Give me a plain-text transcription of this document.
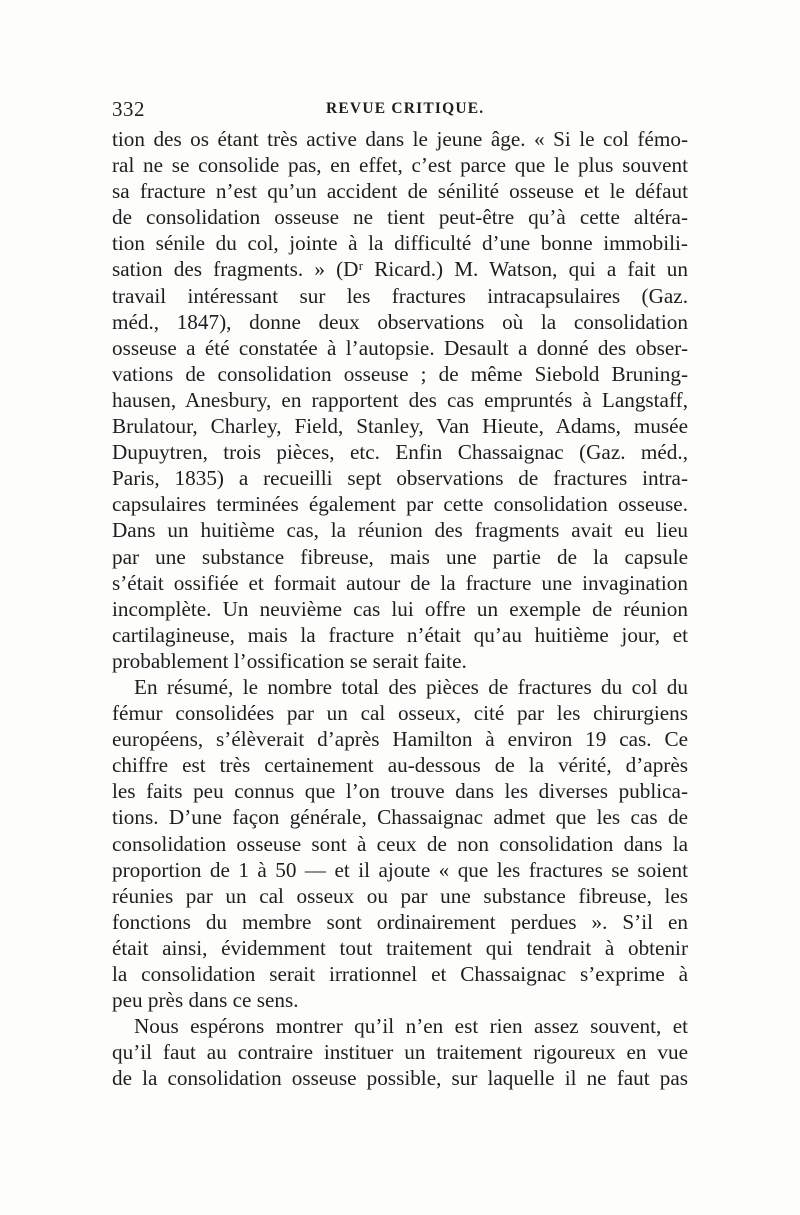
332	REVUE CRITIQUE.
tion des os étant très active dans le jeune âge. « Si le col fémo-
ral ne se consolide pas, en effet, c’est parce que le plus souvent
sa fracture n’est qu’un accident de sénilité osseuse et le défaut
de consolidation osseuse ne tient peut-être qu’à cette altéra-
tion sénile du col, jointe à la difficulté d’une bonne immobili-
sation des fragments. » (Dʳ Ricard.) M. Watson, qui a fait un
travail intéressant sur les fractures intracapsulaires (Gaz.
méd., 1847), donne deux observations où la consolidation
osseuse a été constatée à l’autopsie. Desault a donné des obser-
vations de consolidation osseuse ; de même Siebold Bruning-
hausen, Anesbury, en rapportent des cas empruntés à Langstaff,
Brulatour, Charley, Field, Stanley, Van Hieute, Adams, musée
Dupuytren, trois pièces, etc. Enfin Chassaignac (Gaz. méd.,
Paris, 1835) a recueilli sept observations de fractures intra-
capsulaires terminées également par cette consolidation osseuse.
Dans un huitième cas, la réunion des fragments avait eu lieu
par une substance fibreuse, mais une partie de la capsule
s’était ossifiée et formait autour de la fracture une invagination
incomplète. Un neuvième cas lui offre un exemple de réunion
cartilagineuse, mais la fracture n’était qu’au huitième jour, et
probablement l’ossification se serait faite.
En résumé, le nombre total des pièces de fractures du col du
fémur consolidées par un cal osseux, cité par les chirurgiens
européens, s’élèverait d’après Hamilton à environ 19 cas. Ce
chiffre est très certainement au-dessous de la vérité, d’après
les faits peu connus que l’on trouve dans les diverses publica-
tions. D’une façon générale, Chassaignac admet que les cas de
consolidation osseuse sont à ceux de non consolidation dans la
proportion de 1 à 50 — et il ajoute « que les fractures se soient
réunies par un cal osseux ou par une substance fibreuse, les
fonctions du membre sont ordinairement perdues ». S’il en
était ainsi, évidemment tout traitement qui tendrait à obtenir
la consolidation serait irrationnel et Chassaignac s’exprime à
peu près dans ce sens.
Nous espérons montrer qu’il n’en est rien assez souvent, et
qu’il faut au contraire instituer un traitement rigoureux en vue
de la consolidation osseuse possible, sur laquelle il ne faut pas
